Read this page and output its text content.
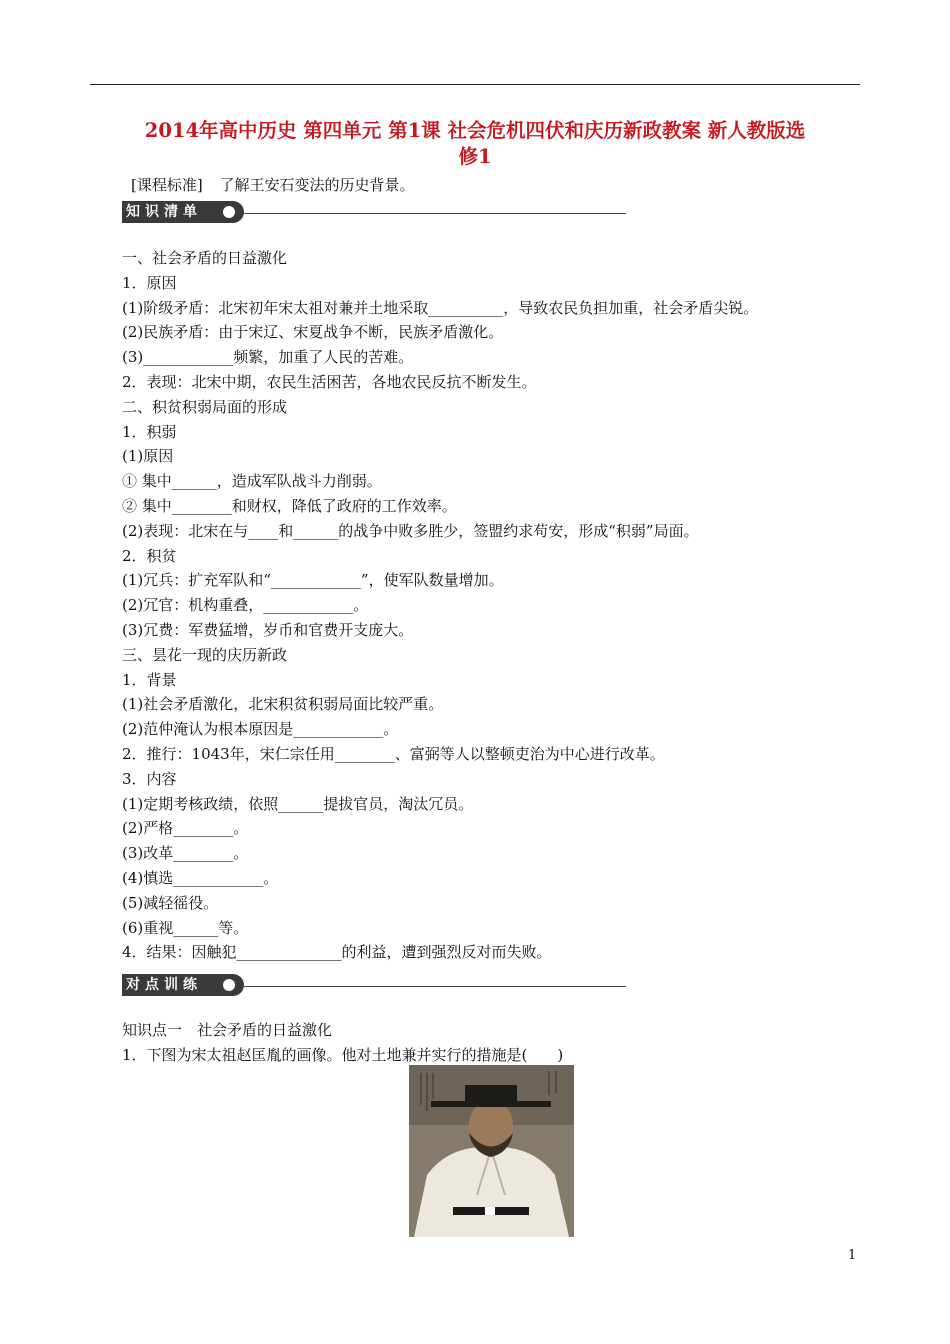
2014年高中历史 第四单元 第1课 社会危机四伏和庆历新政教案 新人教版选
修1
[课程标准] 了解王安石变法的历史背景。
知识清单
一、社会矛盾的日益激化
1．原因
(1)阶级矛盾：北宋初年宋太祖对兼并土地采取__________，导致农民负担加重，社会矛盾尖锐。
(2)民族矛盾：由于宋辽、宋夏战争不断，民族矛盾激化。
(3)____________频繁，加重了人民的苦难。
2．表现：北宋中期，农民生活困苦，各地农民反抗不断发生。
二、积贫积弱局面的形成
1．积弱
(1)原因
① 集中______，造成军队战斗力削弱。
② 集中________和财权，降低了政府的工作效率。
(2)表现：北宋在与____和______的战争中败多胜少，签盟约求苟安，形成“积弱”局面。
2．积贫
(1)冗兵：扩充军队和“____________”，使军队数量增加。
(2)冗官：机构重叠，____________。
(3)冗费：军费猛增，岁币和官费开支庞大。
三、昙花一现的庆历新政
1．背景
(1)社会矛盾激化，北宋积贫积弱局面比较严重。
(2)范仲淹认为根本原因是____________。
2．推行：1043年，宋仁宗任用________、富弼等人以整顿吏治为中心进行改革。
3．内容
(1)定期考核政绩，依照______提拔官员，淘汰冗员。
(2)严格________。
(3)改革________。
(4)慎选____________。
(5)减轻徭役。
(6)重视______等。
4．结果：因触犯______________的利益，遭到强烈反对而失败。
对点训练
知识点一　社会矛盾的日益激化
1．下图为宋太祖赵匡胤的画像。他对土地兼并实行的措施是(　　)
1
